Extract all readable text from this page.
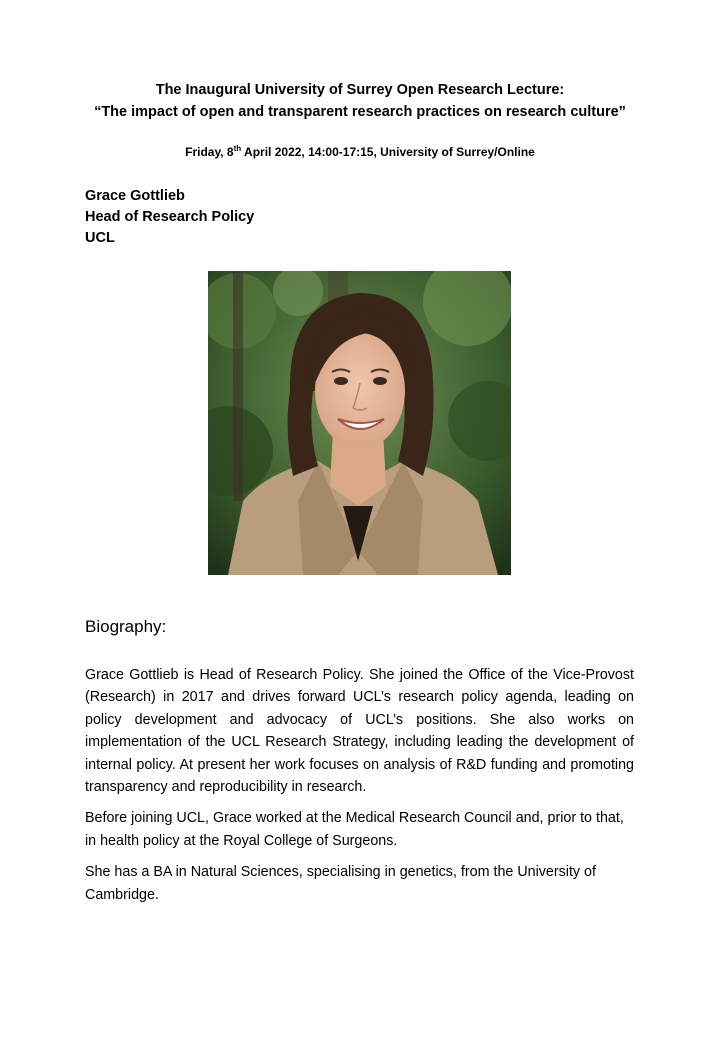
The Inaugural University of Surrey Open Research Lecture:
“The impact of open and transparent research practices on research culture”
Friday, 8th April 2022, 14:00-17:15, University of Surrey/Online
Grace Gottlieb
Head of Research Policy
UCL
Biography:

Grace Gottlieb is Head of Research Policy. She joined the Office of the Vice-Provost (Research) in 2017 and drives forward UCL’s research policy agenda, leading on policy development and advocacy of UCL’s positions. She also works on implementation of the UCL Research Strategy, including leading the development of internal policy. At present her work focuses on analysis of R&D funding and promoting transparency and reproducibility in research.

Before joining UCL, Grace worked at the Medical Research Council and, prior to that, in health policy at the Royal College of Surgeons.

She has a BA in Natural Sciences, specialising in genetics, from the University of Cambridge.
